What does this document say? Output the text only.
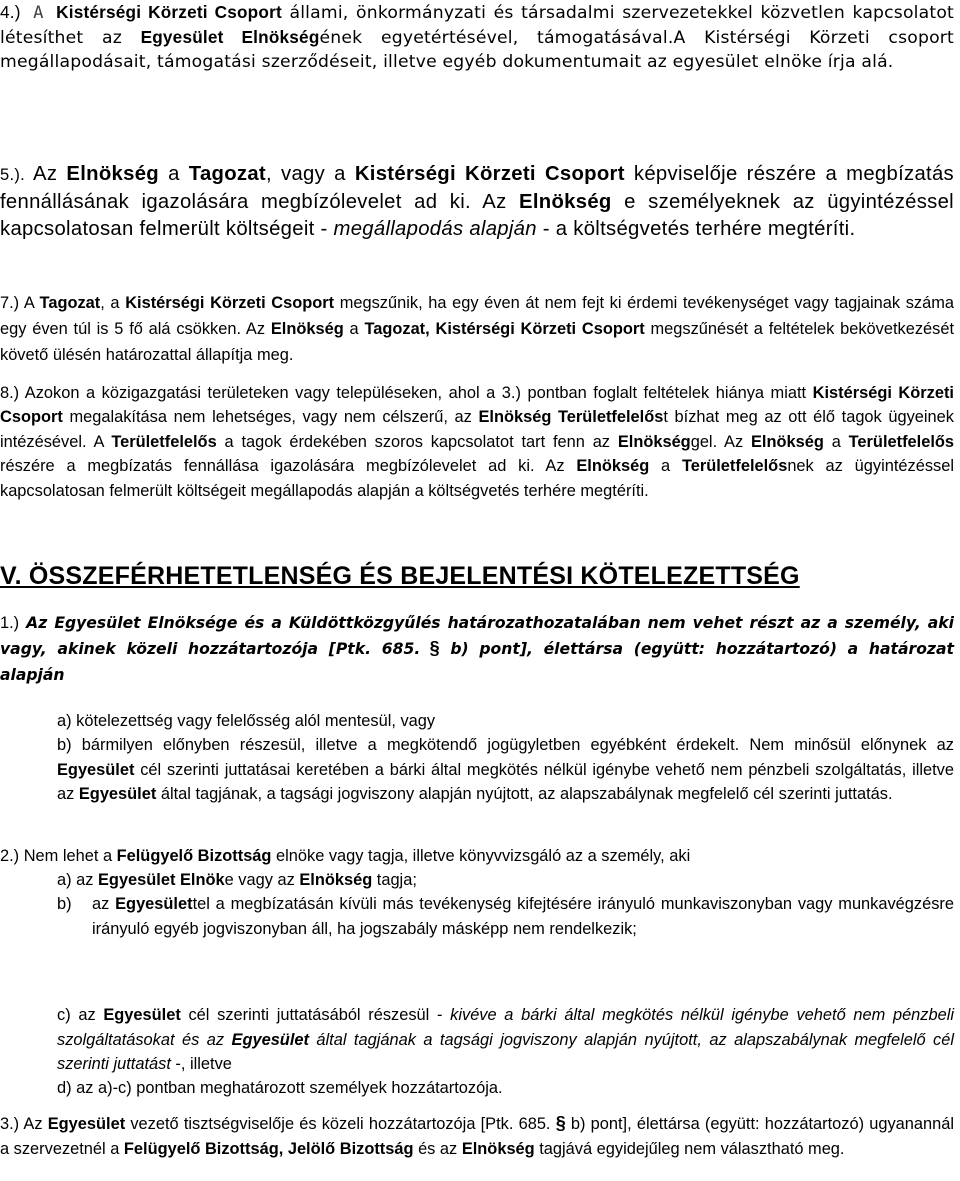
4.) A Kistérségi Körzeti Csoport állami, önkormányzati és társadalmi szervezetekkel közvetlen kapcsolatot létesíthet az Egyesület Elnökségének egyetértésével, támogatásával.A Kistérségi Körzeti csoport megállapodásait, támogatási szerződéseit, illetve egyéb dokumentumait az egyesület elnöke írja alá.

5.). Az Elnökség a Tagozat, vagy a Kistérségi Körzeti Csoport képviselője részére a megbízatás fennállásának igazolására megbízólevelet ad ki. Az Elnökség e személyeknek az ügyintézéssel kapcsolatosan felmerült költségeit - megállapodás alapján - a költségvetés terhére megtéríti.

7.) A Tagozat, a Kistérségi Körzeti Csoport megszűnik, ha egy éven át nem fejt ki érdemi tevékenységet vagy tagjainak száma egy éven túl is 5 fő alá csökken. Az Elnökség a Tagozat, Kistérségi Körzeti Csoport megszűnését a feltételek bekövetkezését követő ülésén határozattal állapítja meg.

8.) Azokon a közigazgatási területeken vagy településeken, ahol a 3.) pontban foglalt feltételek hiánya miatt Kistérségi Körzeti Csoport megalakítása nem lehetséges, vagy nem célszerű, az Elnökség Területfelelőst bízhat meg az ott élő tagok ügyeinek intézésével. A Területfelelős a tagok érdekében szoros kapcsolatot tart fenn az Elnökséggel. Az Elnökség a Területfelelős részére a megbízatás fennállása igazolására megbízólevelet ad ki. Az Elnökség a Területfelelősnek az ügyintézéssel kapcsolatosan felmerült költségeit megállapodás alapján a költségvetés terhére megtéríti.

V. ÖSSZEFÉRHETETLENSÉG ÉS BEJELENTÉSI KÖTELEZETTSÉG

1.) Az Egyesület Elnöksége és a Küldöttközgyűlés határozathozatalában nem vehet részt az a személy, aki vagy, akinek közeli hozzátartozója [Ptk. 685. § b) pont], élettársa (együtt: hozzátartozó) a határozat alapján

a) kötelezettség vagy felelősség alól mentesül, vagy

b) bármilyen előnyben részesül, illetve a megkötendő jogügyletben egyébként érdekelt. Nem minősül előnynek az Egyesület cél szerinti juttatásai keretében a bárki által megkötés nélkül igénybe vehető nem pénzbeli szolgáltatás, illetve az Egyesület által tagjának, a tagsági jogviszony alapján nyújtott, az alapszabálynak megfelelő cél szerinti juttatás.

2.) Nem lehet a Felügyelő Bizottság elnöke vagy tagja, illetve könyvvizsgáló az a személy, aki

a) az Egyesület Elnöke vagy az Elnökség tagja;

b) az Egyesülettel a megbízatásán kívüli más tevékenység kifejtésére irányuló munkaviszonyban vagy munkavégzésre irányuló egyéb jogviszonyban áll, ha jogszabály másképp nem rendelkezik;

c) az Egyesület cél szerinti juttatásából részesül - kivéve a bárki által megkötés nélkül igénybe vehető nem pénzbeli szolgáltatásokat és az Egyesület által tagjának a tagsági jogviszony alapján nyújtott, az alapszabálynak megfelelő cél szerinti juttatást -, illetve

d) az a)-c) pontban meghatározott személyek hozzátartozója.

3.) Az Egyesület vezető tisztségviselője és közeli hozzátartozója [Ptk. 685. § b) pont], élettársa (együtt: hozzátartozó) ugyanannál a szervezetnél a Felügyelő Bizottság, Jelölő Bizottság és az Elnökség tagjává egyidejűleg nem választható meg.
